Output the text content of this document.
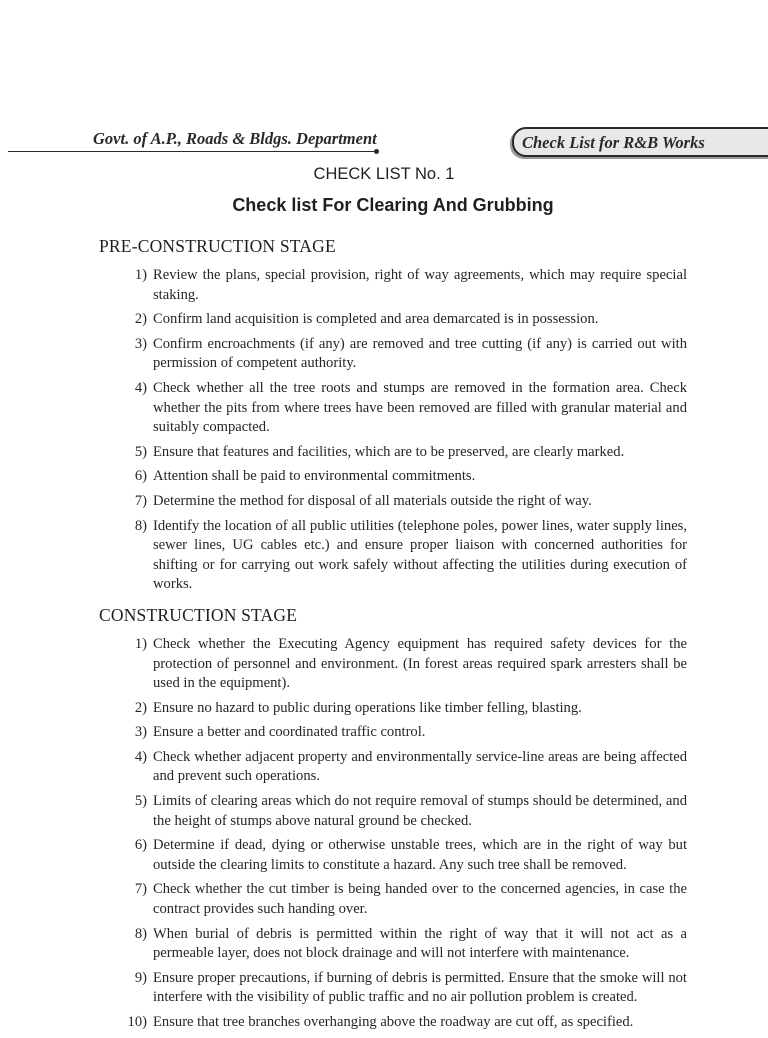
Govt. of A.P., Roads & Bldgs. Department	Check List for R&B Works
CHECK LIST No. 1
Check list For Clearing And Grubbing
PRE-CONSTRUCTION STAGE
1) Review the plans, special provision, right of way agreements, which may require special staking.
2) Confirm land acquisition is completed and area demarcated is in possession.
3) Confirm encroachments (if any) are removed and tree cutting (if any) is carried out with permission of competent authority.
4) Check whether all the tree roots and stumps are removed in the formation area. Check whether the pits from where trees have been removed are filled with granular material and suitably compacted.
5) Ensure that features and facilities, which are to be preserved, are clearly marked.
6) Attention shall be paid to environmental commitments.
7) Determine the method for disposal of all materials outside the right of way.
8) Identify the location of all public utilities (telephone poles, power lines, water supply lines, sewer lines, UG cables etc.) and ensure proper liaison with concerned authorities for shifting or for carrying out work safely without affecting the utilities during execution of works.
CONSTRUCTION STAGE
1) Check whether the Executing Agency equipment has required safety devices for the protection of personnel and environment. (In forest areas required spark arresters shall be used in the equipment).
2) Ensure no hazard to public during operations like timber felling, blasting.
3) Ensure a better and coordinated traffic control.
4) Check whether adjacent property and environmentally service-line areas are being affected and prevent such operations.
5) Limits of clearing areas which do not require removal of stumps should be determined, and the height of stumps above natural ground be checked.
6) Determine if dead, dying or otherwise unstable trees, which are in the right of way but outside the clearing limits to constitute a hazard. Any such tree shall be removed.
7) Check whether the cut timber is being handed over to the concerned agencies, in case the contract provides such handing over.
8) When burial of debris is permitted within the right of way that it will not act as a permeable layer, does not block drainage and will not interfere with maintenance.
9) Ensure proper precautions, if burning of debris is permitted. Ensure that the smoke will not interfere with the visibility of public traffic and no air pollution problem is created.
10) Ensure that tree branches overhanging above the roadway are cut off, as specified.
